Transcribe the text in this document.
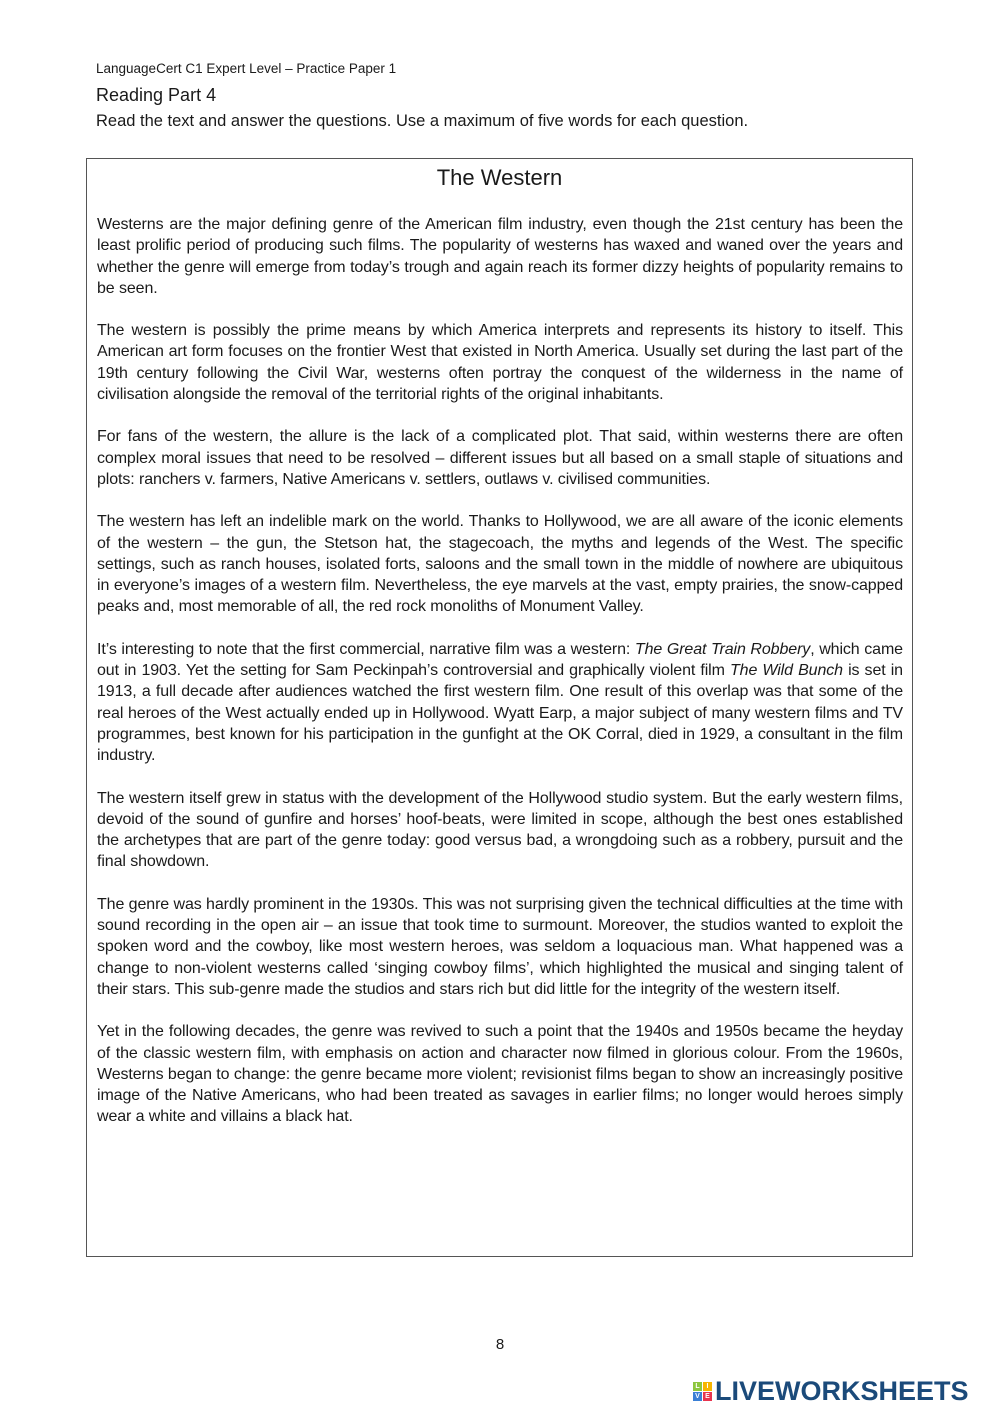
LanguageCert C1 Expert Level – Practice Paper 1
Reading Part 4
Read the text and answer the questions. Use a maximum of five words for each question.
The Western

Westerns are the major defining genre of the American film industry, even though the 21st century has been the least prolific period of producing such films. The popularity of westerns has waxed and waned over the years and whether the genre will emerge from today’s trough and again reach its former dizzy heights of popularity remains to be seen.

The western is possibly the prime means by which America interprets and represents its history to itself. This American art form focuses on the frontier West that existed in North America. Usually set during the last part of the 19th century following the Civil War, westerns often portray the conquest of the wilderness in the name of civilisation alongside the removal of the territorial rights of the original inhabitants.

For fans of the western, the allure is the lack of a complicated plot. That said, within westerns there are often complex moral issues that need to be resolved – different issues but all based on a small staple of situations and plots: ranchers v. farmers, Native Americans v. settlers, outlaws v. civilised communities.

The western has left an indelible mark on the world. Thanks to Hollywood, we are all aware of the iconic elements of the western – the gun, the Stetson hat, the stagecoach, the myths and legends of the West. The specific settings, such as ranch houses, isolated forts, saloons and the small town in the middle of nowhere are ubiquitous in everyone’s images of a western film. Nevertheless, the eye marvels at the vast, empty prairies, the snow-capped peaks and, most memorable of all, the red rock monoliths of Monument Valley.

It’s interesting to note that the first commercial, narrative film was a western: The Great Train Robbery, which came out in 1903. Yet the setting for Sam Peckinpah’s controversial and graphically violent film The Wild Bunch is set in 1913, a full decade after audiences watched the first western film. One result of this overlap was that some of the real heroes of the West actually ended up in Hollywood. Wyatt Earp, a major subject of many western films and TV programmes, best known for his participation in the gunfight at the OK Corral, died in 1929, a consultant in the film industry.

The western itself grew in status with the development of the Hollywood studio system. But the early western films, devoid of the sound of gunfire and horses’ hoof-beats, were limited in scope, although the best ones established the archetypes that are part of the genre today: good versus bad, a wrongdoing such as a robbery, pursuit and the final showdown.

The genre was hardly prominent in the 1930s. This was not surprising given the technical difficulties at the time with sound recording in the open air – an issue that took time to surmount. Moreover, the studios wanted to exploit the spoken word and the cowboy, like most western heroes, was seldom a loquacious man. What happened was a change to non-violent westerns called ‘singing cowboy films’, which highlighted the musical and singing talent of their stars. This sub-genre made the studios and stars rich but did little for the integrity of the western itself.

Yet in the following decades, the genre was revived to such a point that the 1940s and 1950s became the heyday of the classic western film, with emphasis on action and character now filmed in glorious colour. From the 1960s, Westerns began to change: the genre became more violent; revisionist films began to show an increasingly positive image of the Native Americans, who had been treated as savages in earlier films; no longer would heroes simply wear a white and villains a black hat.

8
L I
V E LIVEWORKSHEETS
